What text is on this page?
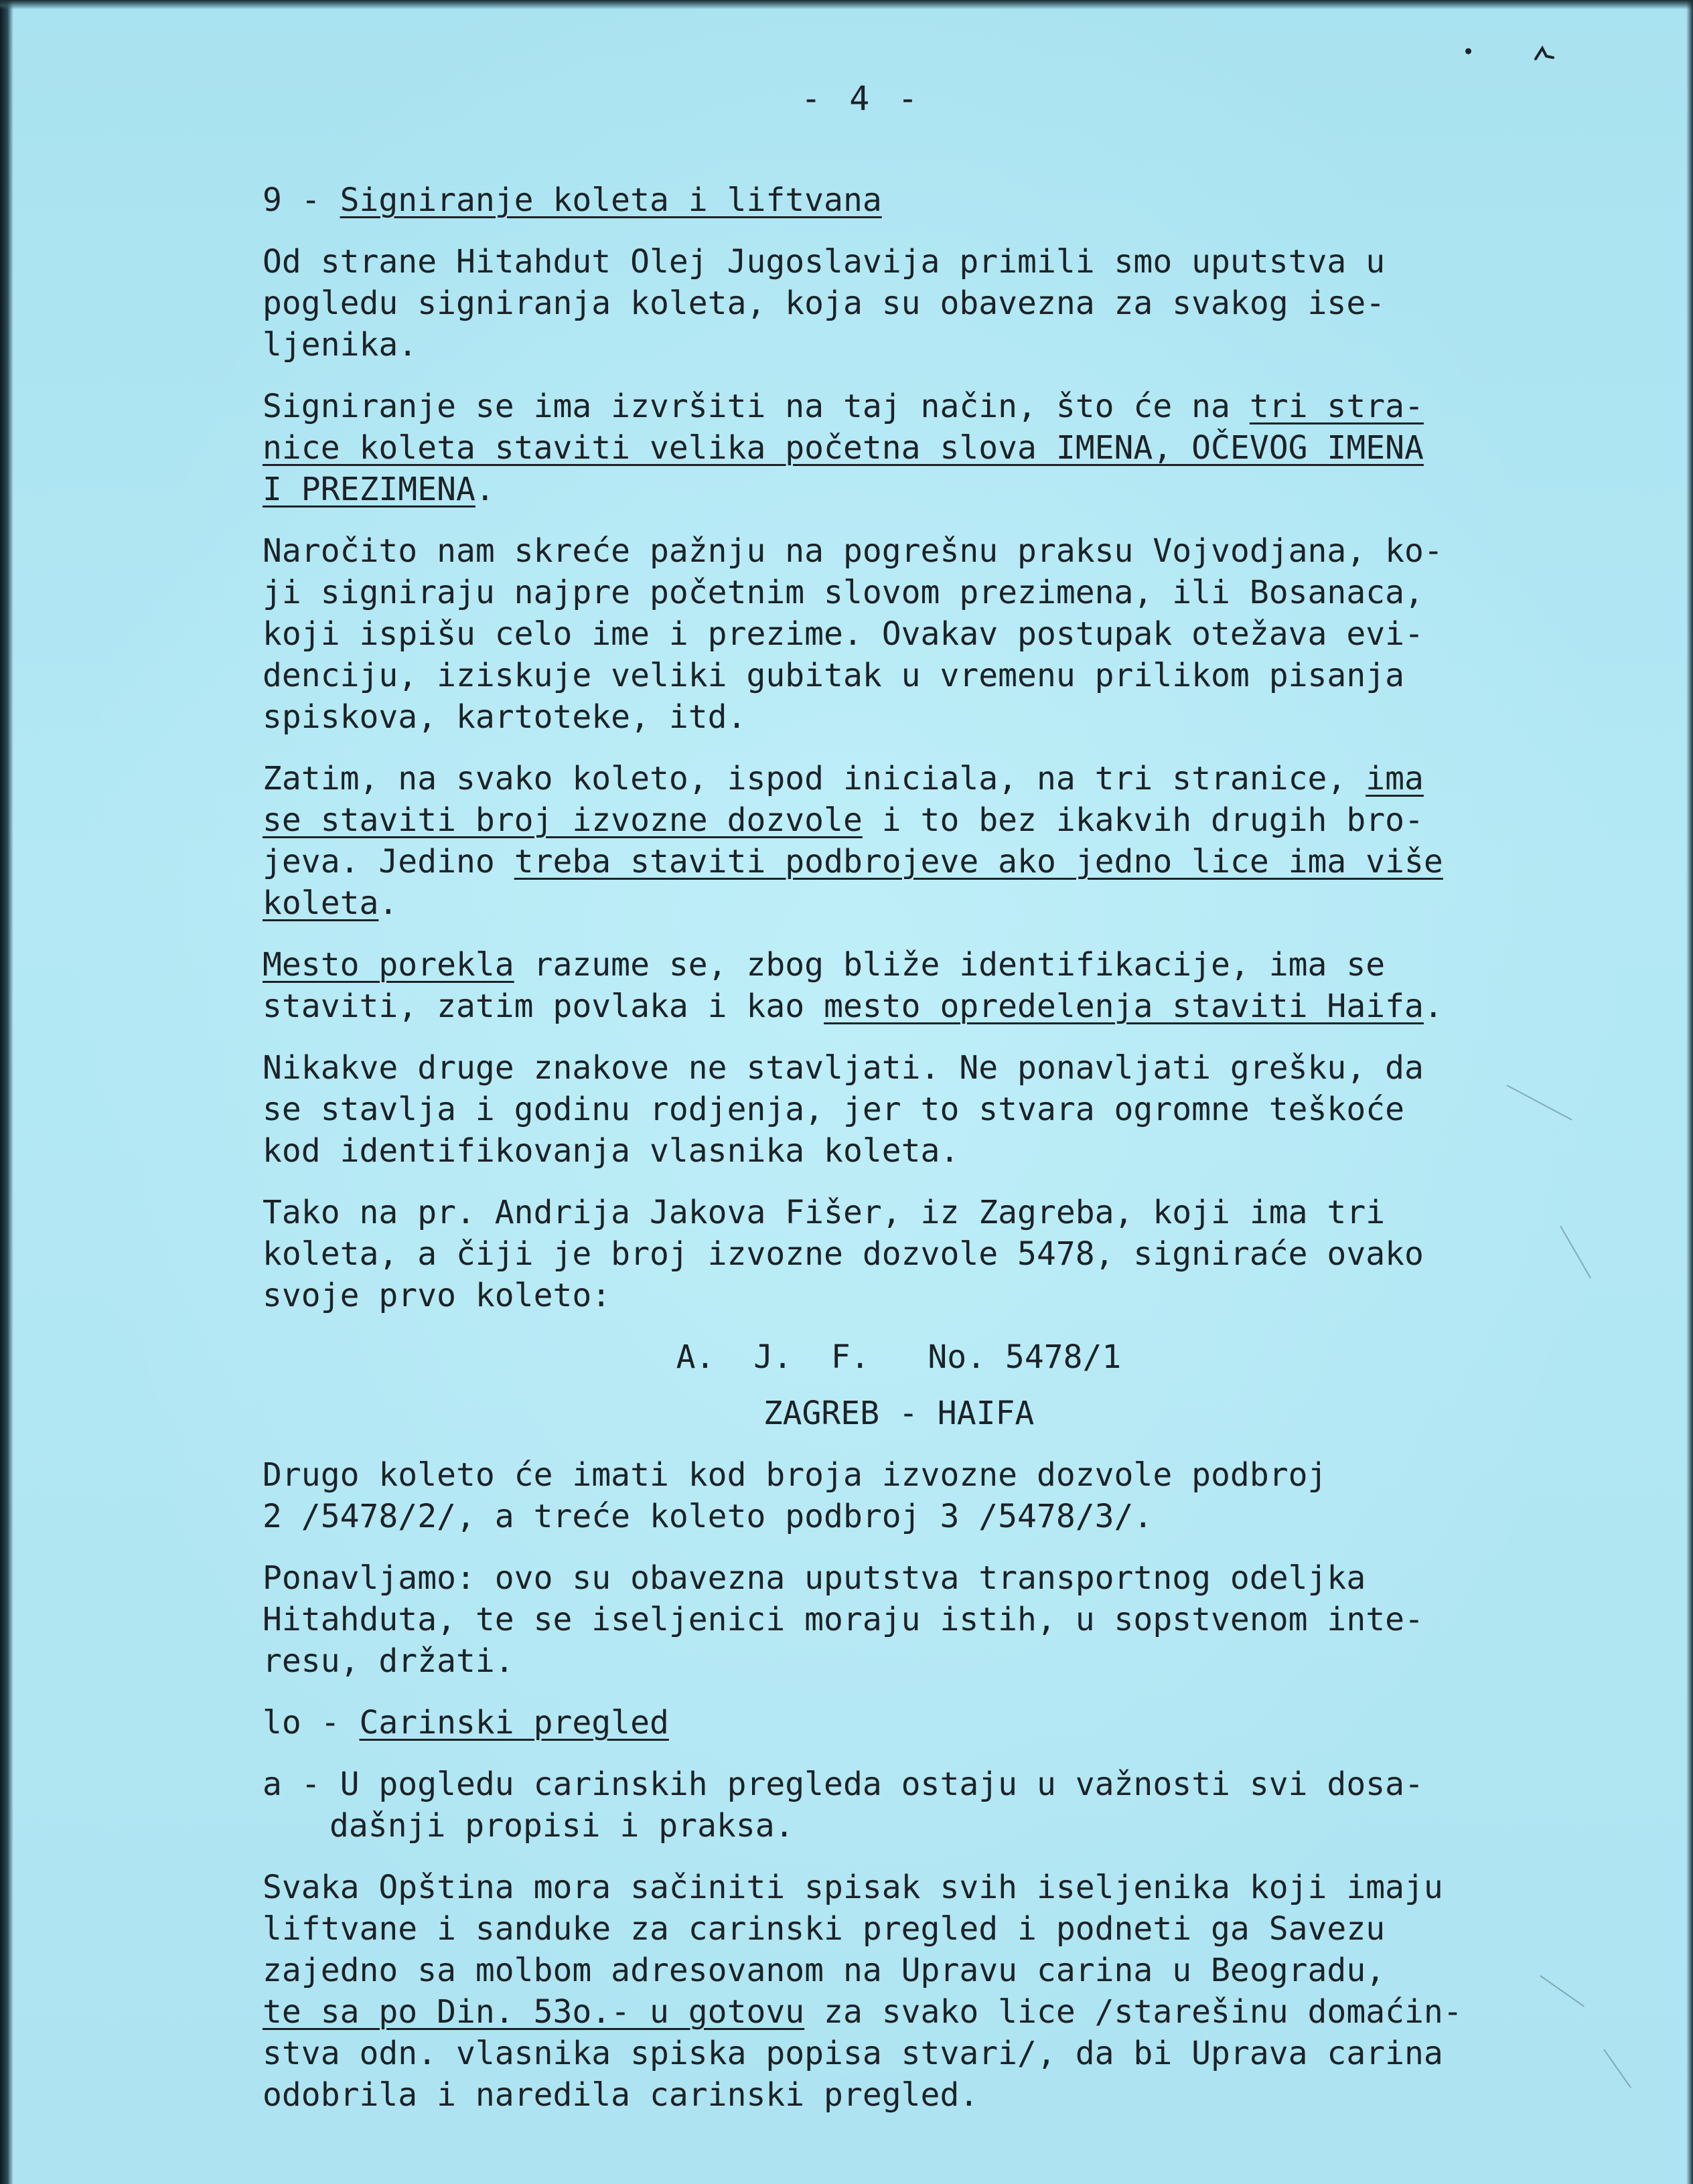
- 4 -
9 - Signiranje koleta i liftvana
Od strane Hitahdut Olej Jugoslavija primili smo uputstva u
pogledu signiranja koleta, koja su obavezna za svakog ise-
ljenika.
Signiranje se ima izvršiti na taj način, što će na tri stra-
nice koleta staviti velika početna slova IMENA, OČEVOG IMENA
I PREZIMENA.
Naročito nam skreće pažnju na pogrešnu praksu Vojvodjana, ko-
ji signiraju najpre početnim slovom prezimena, ili Bosanaca,
koji ispišu celo ime i prezime. Ovakav postupak otežava evi-
denciju, iziskuje veliki gubitak u vremenu prilikom pisanja
spiskova, kartoteke, itd.
Zatim, na svako koleto, ispod iniciala, na tri stranice, ima
se staviti broj izvozne dozvole i to bez ikakvih drugih bro-
jeva. Jedino treba staviti podbrojeve ako jedno lice ima više
koleta.
Mesto porekla razume se, zbog bliže identifikacije, ima se
staviti, zatim povlaka i kao mesto opredelenja staviti Haifa.
Nikakve druge znakove ne stavljati. Ne ponavljati grešku, da
se stavlja i godinu rodjenja, jer to stvara ogromne teškoće
kod identifikovanja vlasnika koleta.
Tako na pr. Andrija Jakova Fišer, iz Zagreba, koji ima tri
koleta, a čiji je broj izvozne dozvole 5478, signiraće ovako
svoje prvo koleto:
A.  J.  F.   No. 5478/1
ZAGREB - HAIFA
Drugo koleto će imati kod broja izvozne dozvole podbroj
2 /5478/2/, a treće koleto podbroj 3 /5478/3/.
Ponavljamo: ovo su obavezna uputstva transportnog odeljka
Hitahduta, te se iseljenici moraju istih, u sopstvenom inte-
resu, držati.
lo - Carinski pregled
a - U pogledu carinskih pregleda ostaju u važnosti svi dosa-
dašnji propisi i praksa.
Svaka Opština mora sačiniti spisak svih iseljenika koji imaju
liftvane i sanduke za carinski pregled i podneti ga Savezu
zajedno sa molbom adresovanom na Upravu carina u Beogradu,
te sa po Din. 53o.- u gotovu za svako lice /starešinu domaćin-
stva odn. vlasnika spiska popisa stvari/, da bi Uprava carina
odobrila i naredila carinski pregled.
